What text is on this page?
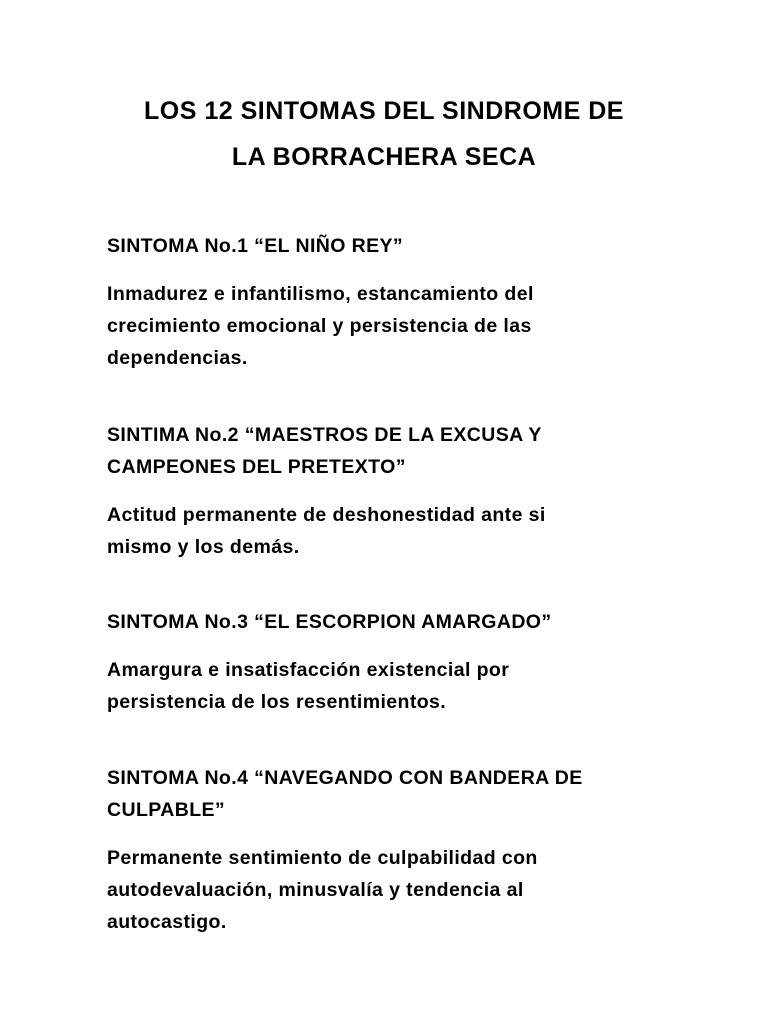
LOS 12 SINTOMAS DEL SINDROME DE
LA BORRACHERA SECA
SINTOMA No.1 “EL NIÑO REY”
Inmadurez e infantilismo, estancamiento del
crecimiento emocional y persistencia de las
dependencias.
SINTIMA No.2 “MAESTROS DE LA EXCUSA Y
CAMPEONES DEL PRETEXTO”
Actitud permanente de deshonestidad ante si
mismo y los demás.
SINTOMA No.3 “EL ESCORPION AMARGADO”
Amargura e insatisfacción existencial por
persistencia de los resentimientos.
SINTOMA No.4 “NAVEGANDO CON BANDERA DE
CULPABLE”
Permanente sentimiento de culpabilidad con
autodevaluación, minusvalía y tendencia al
autocastigo.
